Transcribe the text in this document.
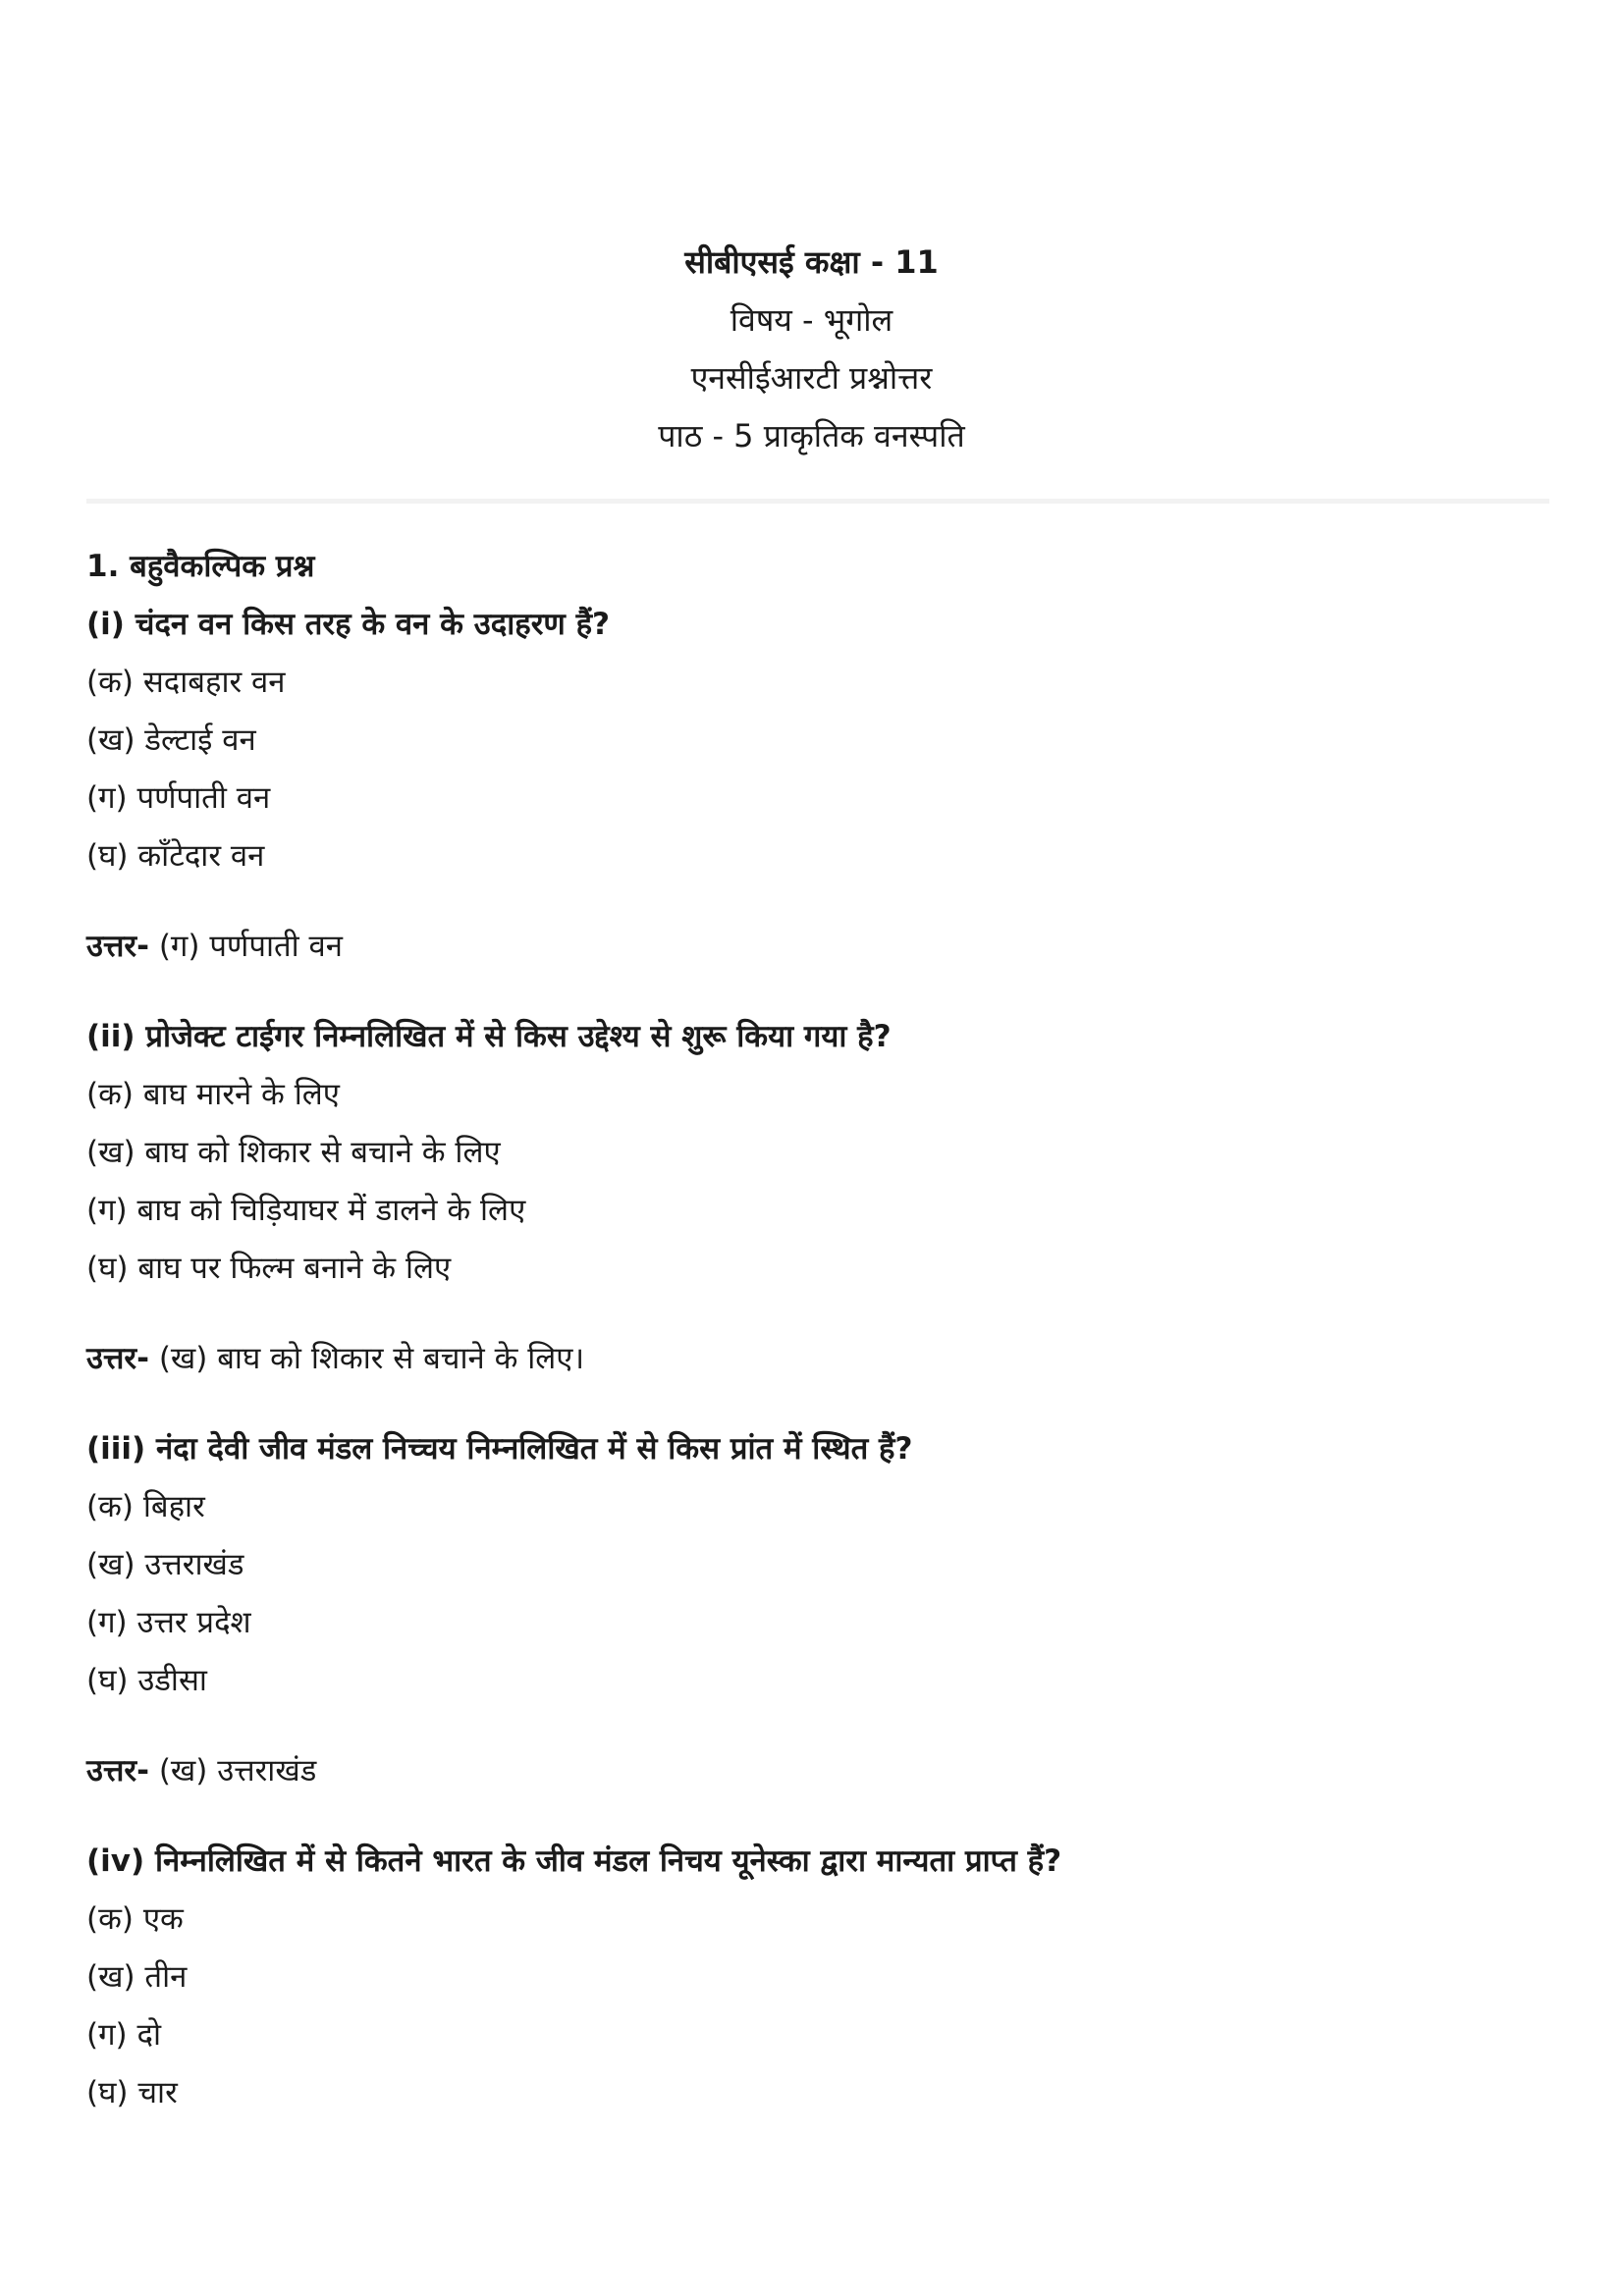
सीबीएसई कक्षा - 11
विषय - भूगोल
एनसीईआरटी प्रश्नोत्तर
पाठ - 5 प्राकृतिक वनस्पति
1. बहुवैकल्पिक प्रश्न
(i) चंदन वन किस तरह के वन के उदाहरण हैं?
(क) सदाबहार वन
(ख) डेल्टाई वन
(ग) पर्णपाती वन
(घ) काँटेदार वन
उत्तर- (ग) पर्णपाती वन
(ii) प्रोजेक्ट टाईगर निम्नलिखित में से किस उद्देश्य से शुरू किया गया है?
(क) बाघ मारने के लिए
(ख) बाघ को शिकार से बचाने के लिए
(ग) बाघ को चिड़ियाघर में डालने के लिए
(घ) बाघ पर फिल्म बनाने के लिए
उत्तर- (ख) बाघ को शिकार से बचाने के लिए।
(iii) नंदा देवी जीव मंडल निच्चय निम्नलिखित में से किस प्रांत में स्थित हैं?
(क) बिहार
(ख) उत्तराखंड
(ग) उत्तर प्रदेश
(घ) उडीसा
उत्तर- (ख) उत्तराखंड
(iv) निम्नलिखित में से कितने भारत के जीव मंडल निचय यूनेस्का द्वारा मान्यता प्राप्त हैं?
(क) एक
(ख) तीन
(ग) दो
(घ) चार
